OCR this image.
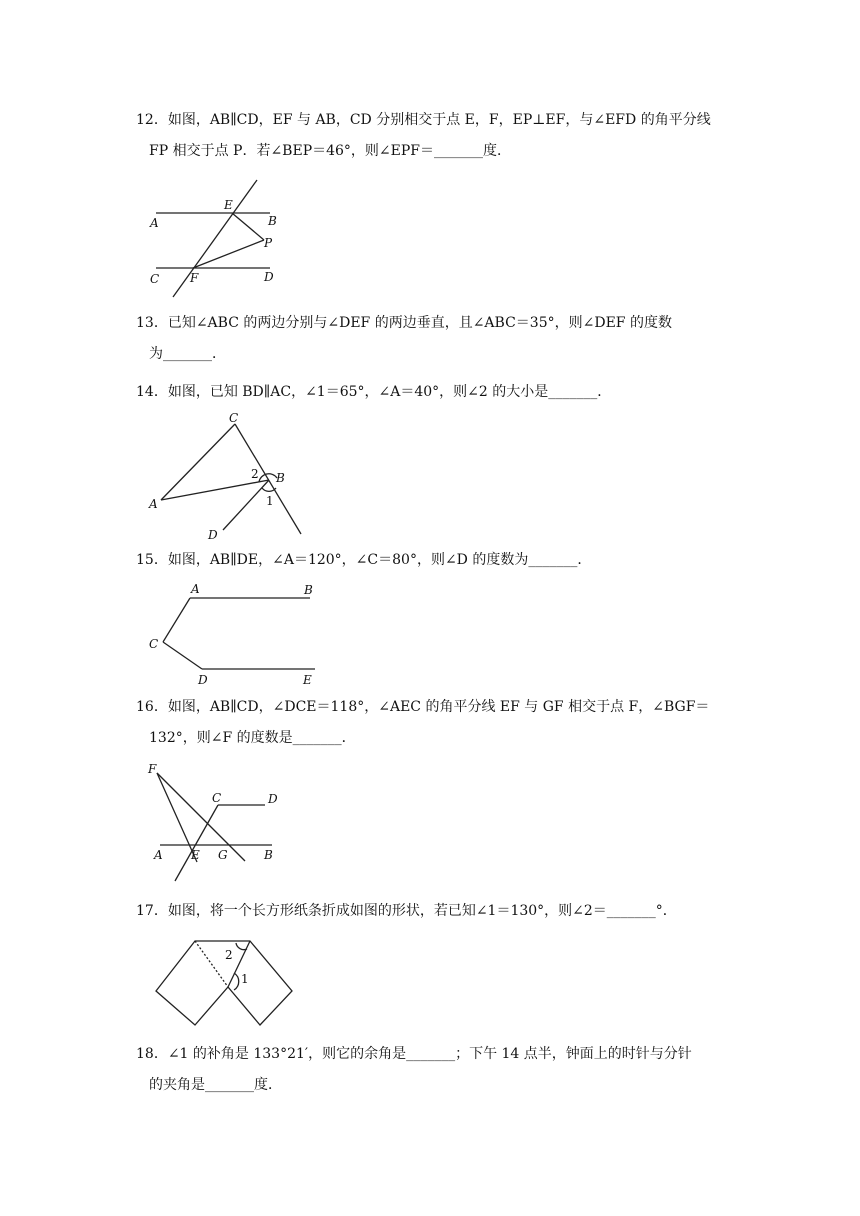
12．如图，AB∥CD，EF 与 AB，CD 分别相交于点 E，F，EP⊥EF，与∠EFD 的角平分线
FP 相交于点 P．若∠BEP＝46°，则∠EPF＝_______度．
A
E
B
P
C	F	D
13．已知∠ABC 的两边分别与∠DEF 的两边垂直，且∠ABC＝35°，则∠DEF 的度数
为_______．
14．如图，已知 BD∥AC，∠1＝65°，∠A＝40°，则∠2 的大小是_______．
C
2 B
A	1
D
15．如图，AB∥DE，∠A＝120°，∠C＝80°，则∠D 的度数为_______．
A	B
C
D	E
16．如图，AB∥CD，∠DCE＝118°，∠AEC 的角平分线 EF 与 GF 相交于点 F，∠BGF＝
132°，则∠F 的度数是_______．
F
C	D
A E G	B
17．如图，将一个长方形纸条折成如图的形状，若已知∠1＝130°，则∠2＝_______°．
2
1
18．∠1 的补角是 133°21′，则它的余角是_______；下午 14 点半，钟面上的时针与分针
的夹角是_______度．
